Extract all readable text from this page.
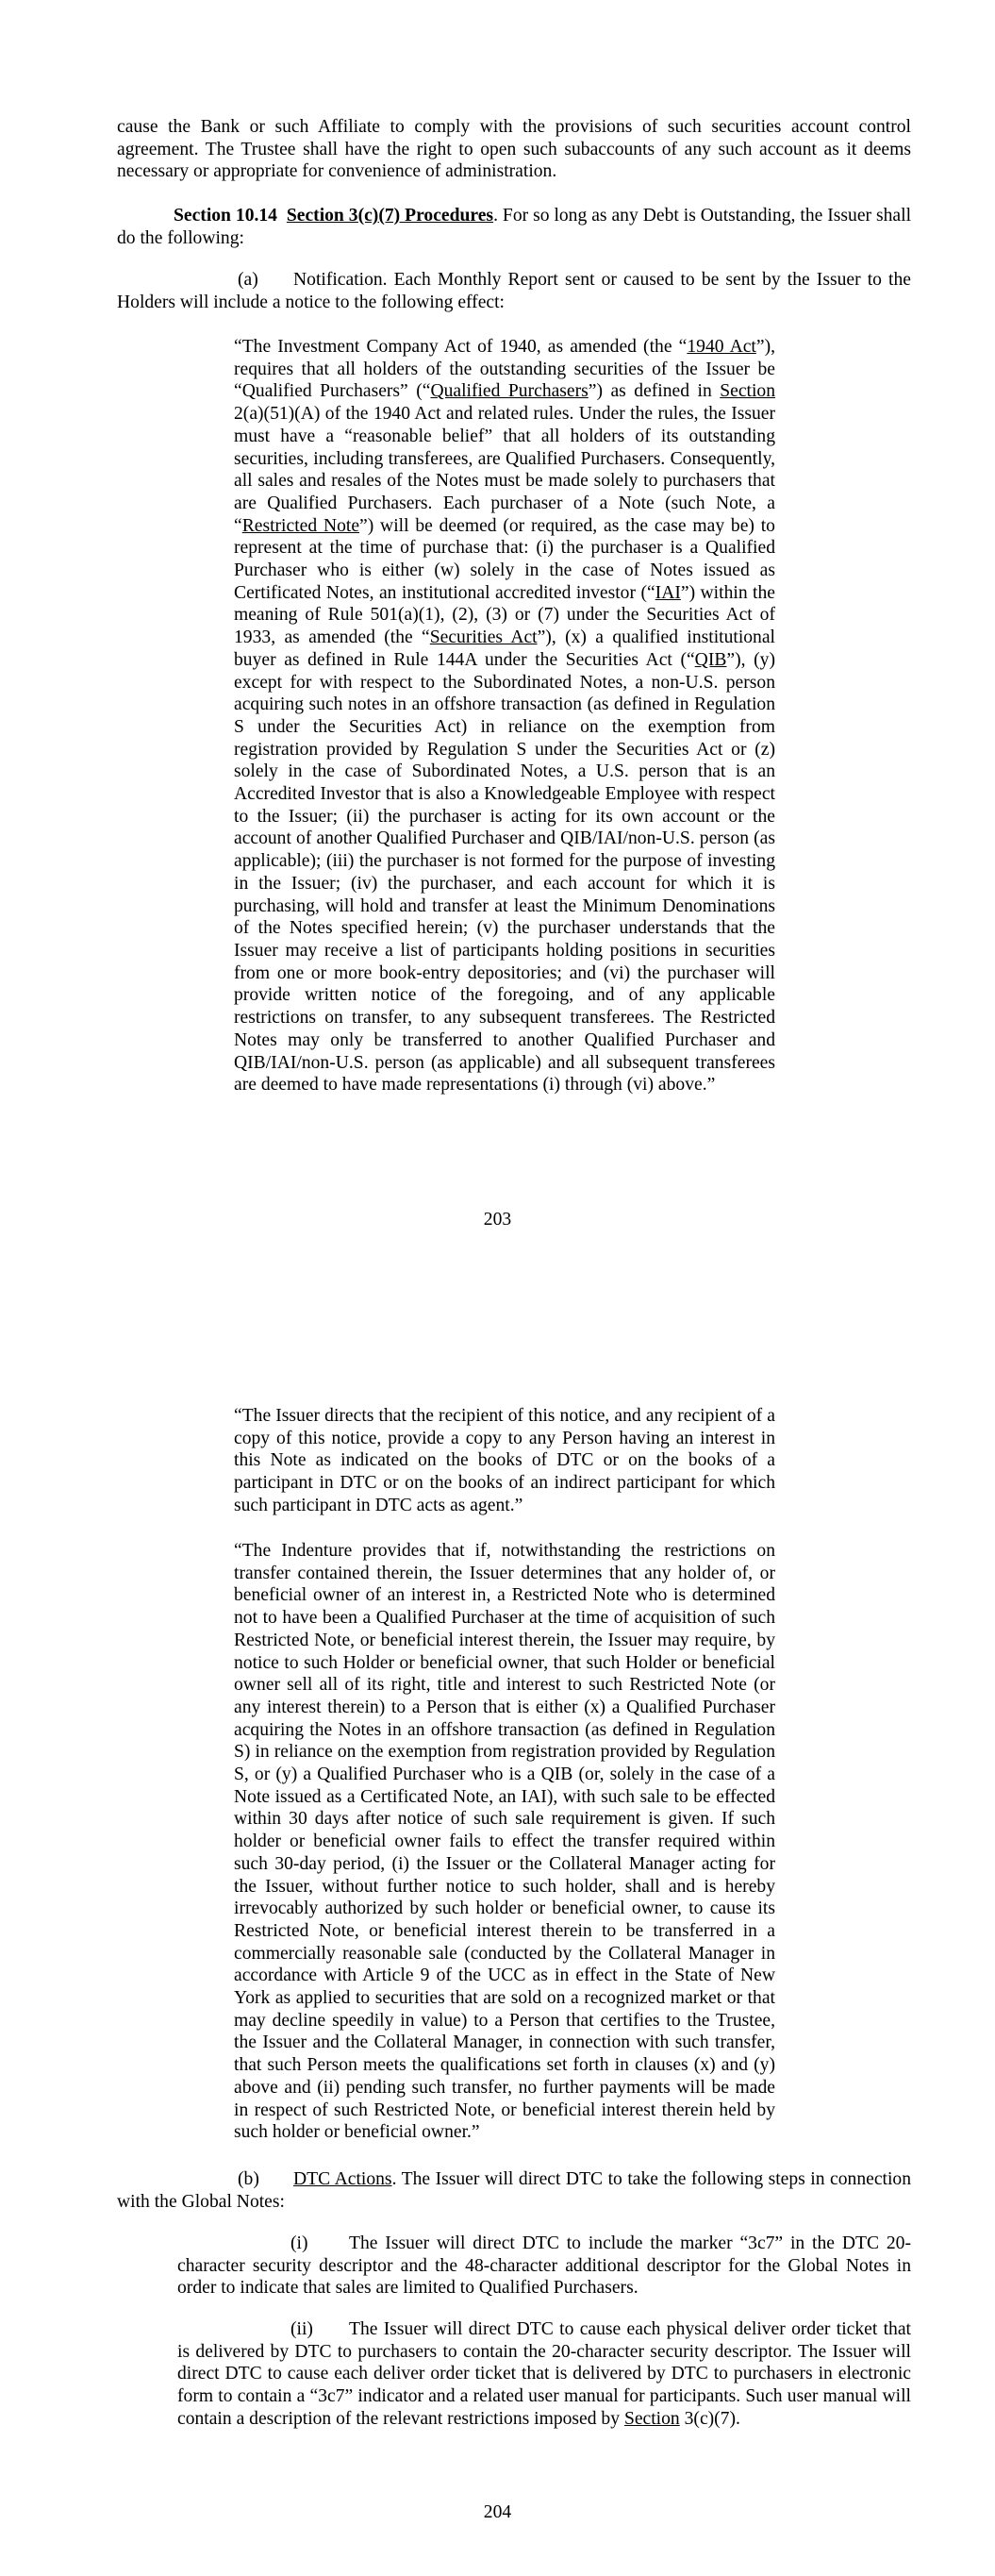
cause the Bank or such Affiliate to comply with the provisions of such securities account control agreement. The Trustee shall have the right to open such subaccounts of any such account as it deems necessary or appropriate for convenience of administration.

Section 10.14 Section 3(c)(7) Procedures. For so long as any Debt is Outstanding, the Issuer shall do the following:

(a) Notification. Each Monthly Report sent or caused to be sent by the Issuer to the Holders will include a notice to the following effect:

“The Investment Company Act of 1940, as amended (the “1940 Act”), requires that all holders of the outstanding securities of the Issuer be “Qualified Purchasers” (“Qualified Purchasers”) as defined in Section 2(a)(51)(A) of the 1940 Act and related rules. Under the rules, the Issuer must have a “reasonable belief” that all holders of its outstanding securities, including transferees, are Qualified Purchasers. Consequently, all sales and resales of the Notes must be made solely to purchasers that are Qualified Purchasers. Each purchaser of a Note (such Note, a “Restricted Note”) will be deemed (or required, as the case may be) to represent at the time of purchase that: (i) the purchaser is a Qualified Purchaser who is either (w) solely in the case of Notes issued as Certificated Notes, an institutional accredited investor (“IAI”) within the meaning of Rule 501(a)(1), (2), (3) or (7) under the Securities Act of 1933, as amended (the “Securities Act”), (x) a qualified institutional buyer as defined in Rule 144A under the Securities Act (“QIB”), (y) except for with respect to the Subordinated Notes, a non-U.S. person acquiring such notes in an offshore transaction (as defined in Regulation S under the Securities Act) in reliance on the exemption from registration provided by Regulation S under the Securities Act or (z) solely in the case of Subordinated Notes, a U.S. person that is an Accredited Investor that is also a Knowledgeable Employee with respect to the Issuer; (ii) the purchaser is acting for its own account or the account of another Qualified Purchaser and QIB/IAI/non-U.S. person (as applicable); (iii) the purchaser is not formed for the purpose of investing in the Issuer; (iv) the purchaser, and each account for which it is purchasing, will hold and transfer at least the Minimum Denominations of the Notes specified herein; (v) the purchaser understands that the Issuer may receive a list of participants holding positions in securities from one or more book-entry depositories; and (vi) the purchaser will provide written notice of the foregoing, and of any applicable restrictions on transfer, to any subsequent transferees. The Restricted Notes may only be transferred to another Qualified Purchaser and QIB/IAI/non-U.S. person (as applicable) and all subsequent transferees are deemed to have made representations (i) through (vi) above.”

203

“The Issuer directs that the recipient of this notice, and any recipient of a copy of this notice, provide a copy to any Person having an interest in this Note as indicated on the books of DTC or on the books of a participant in DTC or on the books of an indirect participant for which such participant in DTC acts as agent.”

“The Indenture provides that if, notwithstanding the restrictions on transfer contained therein, the Issuer determines that any holder of, or beneficial owner of an interest in, a Restricted Note who is determined not to have been a Qualified Purchaser at the time of acquisition of such Restricted Note, or beneficial interest therein, the Issuer may require, by notice to such Holder or beneficial owner, that such Holder or beneficial owner sell all of its right, title and interest to such Restricted Note (or any interest therein) to a Person that is either (x) a Qualified Purchaser acquiring the Notes in an offshore transaction (as defined in Regulation S) in reliance on the exemption from registration provided by Regulation S, or (y) a Qualified Purchaser who is a QIB (or, solely in the case of a Note issued as a Certificated Note, an IAI), with such sale to be effected within 30 days after notice of such sale requirement is given. If such holder or beneficial owner fails to effect the transfer required within such 30-day period, (i) the Issuer or the Collateral Manager acting for the Issuer, without further notice to such holder, shall and is hereby irrevocably authorized by such holder or beneficial owner, to cause its Restricted Note, or beneficial interest therein to be transferred in a commercially reasonable sale (conducted by the Collateral Manager in accordance with Article 9 of the UCC as in effect in the State of New York as applied to securities that are sold on a recognized market or that may decline speedily in value) to a Person that certifies to the Trustee, the Issuer and the Collateral Manager, in connection with such transfer, that such Person meets the qualifications set forth in clauses (x) and (y) above and (ii) pending such transfer, no further payments will be made in respect of such Restricted Note, or beneficial interest therein held by such holder or beneficial owner.”

(b) DTC Actions. The Issuer will direct DTC to take the following steps in connection with the Global Notes:

(i) The Issuer will direct DTC to include the marker “3c7” in the DTC 20-character security descriptor and the 48-character additional descriptor for the Global Notes in order to indicate that sales are limited to Qualified Purchasers.

(ii) The Issuer will direct DTC to cause each physical deliver order ticket that is delivered by DTC to purchasers to contain the 20-character security descriptor. The Issuer will direct DTC to cause each deliver order ticket that is delivered by DTC to purchasers in electronic form to contain a “3c7” indicator and a related user manual for participants. Such user manual will contain a description of the relevant restrictions imposed by Section 3(c)(7).

204
